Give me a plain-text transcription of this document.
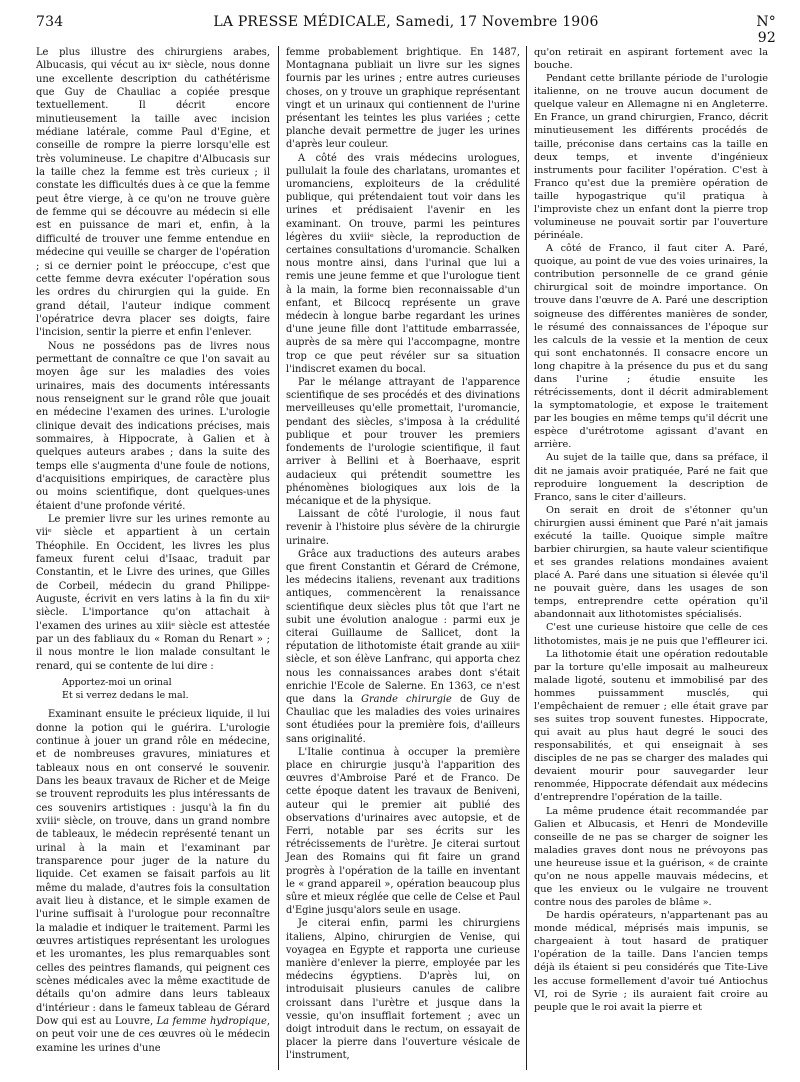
734	LA PRESSE MÉDICALE, Samedi, 17 Novembre 1906	N° 92

Le plus illustre des chirurgiens arabes, Albucasis, qui vécut au ixᵉ siècle, nous donne une excellente description du cathétérisme que Guy de Chauliac a copiée presque textuellement. Il décrit encore minutieusement la taille avec incision médiane latérale, comme Paul d'Egine, et conseille de rompre la pierre lorsqu'elle est très volumineuse. Le chapitre d'Albucasis sur la taille chez la femme est très curieux ; il constate les difficultés dues à ce que la femme peut être vierge, à ce qu'on ne trouve guère de femme qui se découvre au médecin si elle est en puissance de mari et, enfin, à la difficulté de trouver une femme entendue en médecine qui veuille se charger de l'opération ; si ce dernier point le préoccupe, c'est que cette femme devra exécuter l'opération sous les ordres du chirurgien qui la guide. En grand détail, l'auteur indique comment l'opératrice devra placer ses doigts, faire l'incision, sentir la pierre et enfin l'enlever.

Nous ne possédons pas de livres nous permettant de connaître ce que l'on savait au moyen âge sur les maladies des voies urinaires, mais des documents intéressants nous renseignent sur le grand rôle que jouait en médecine l'examen des urines. L'urologie clinique devait des indications précises, mais sommaires, à Hippocrate, à Galien et à quelques auteurs arabes ; dans la suite des temps elle s'augmenta d'une foule de notions, d'acquisitions empiriques, de caractère plus ou moins scientifique, dont quelques-unes étaient d'une profonde vérité.

Le premier livre sur les urines remonte au viiᵉ siècle et appartient à un certain Théophile. En Occident, les livres les plus fameux furent celui d'Isaac, traduit par Constantin, et le Livre des urines, que Gilles de Corbeil, médecin du grand Philippe-Auguste, écrivit en vers latins à la fin du xiiᵉ siècle. L'importance qu'on attachait à l'examen des urines au xiiiᵉ siècle est attestée par un des fabliaux du « Roman du Renart » ; il nous montre le lion malade consultant le renard, qui se contente de lui dire :

Apportez-moi un orinal
Et si verrez dedans le mal.

Examinant ensuite le précieux liquide, il lui donne la potion qui le guérira. L'urologie continue à jouer un grand rôle en médecine, et de nombreuses gravures, miniatures et tableaux nous en ont conservé le souvenir. Dans les beaux travaux de Richer et de Meige se trouvent reproduits les plus intéressants de ces souvenirs artistiques : jusqu'à la fin du xviiiᵉ siècle, on trouve, dans un grand nombre de tableaux, le médecin représenté tenant un urinal à la main et l'examinant par transparence pour juger de la nature du liquide. Cet examen se faisait parfois au lit même du malade, d'autres fois la consultation avait lieu à distance, et le simple examen de l'urine suffisait à l'urologue pour reconnaître la maladie et indiquer le traitement. Parmi les œuvres artistiques représentant les urologues et les uromantes, les plus remarquables sont celles des peintres flamands, qui peignent ces scènes médicales avec la même exactitude de détails qu'on admire dans leurs tableaux d'intérieur : dans le fameux tableau de Gérard Dow qui est au Louvre, La femme hydropique, on peut voir une de ces œuvres où le médecin examine les urines d'une

femme probablement brightique. En 1487, Montagnana publiait un livre sur les signes fournis par les urines ; entre autres curieuses choses, on y trouve un graphique représentant vingt et un urinaux qui contiennent de l'urine présentant les teintes les plus variées ; cette planche devait permettre de juger les urines d'après leur couleur.

A côté des vrais médecins urologues, pullulait la foule des charlatans, uromantes et uromanciens, exploiteurs de la crédulité publique, qui prétendaient tout voir dans les urines et prédisaient l'avenir en les examinant. On trouve, parmi les peintures légères du xviiiᵉ siècle, la reproduction de certaines consultations d'uromancie. Schalken nous montre ainsi, dans l'urinal que lui a remis une jeune femme et que l'urologue tient à la main, la forme bien reconnaissable d'un enfant, et Bilcocq représente un grave médecin à longue barbe regardant les urines d'une jeune fille dont l'attitude embarrassée, auprès de sa mère qui l'accompagne, montre trop ce que peut révéler sur sa situation l'indiscret examen du bocal.

Par le mélange attrayant de l'apparence scientifique de ses procédés et des divinations merveilleuses qu'elle promettait, l'uromancie, pendant des siècles, s'imposa à la crédulité publique et pour trouver les premiers fondements de l'urologie scientifique, il faut arriver à Bellini et à Boerhaave, esprit audacieux qui prétendit soumettre les phénomènes biologiques aux lois de la mécanique et de la physique.

Laissant de côté l'urologie, il nous faut revenir à l'histoire plus sévère de la chirurgie urinaire.

Grâce aux traductions des auteurs arabes que firent Constantin et Gérard de Crémone, les médecins italiens, revenant aux traditions antiques, commencèrent la renaissance scientifique deux siècles plus tôt que l'art ne subit une évolution analogue : parmi eux je citerai Guillaume de Sallicet, dont la réputation de lithotomiste était grande au xiiiᵉ siècle, et son élève Lanfranc, qui apporta chez nous les connaissances arabes dont s'était enrichie l'Ecole de Salerne. En 1363, ce n'est que dans la Grande chirurgie de Guy de Chauliac que les maladies des voies urinaires sont étudiées pour la première fois, d'ailleurs sans originalité.

L'Italie continua à occuper la première place en chirurgie jusqu'à l'apparition des œuvres d'Ambroise Paré et de Franco. De cette époque datent les travaux de Beniveni, auteur qui le premier ait publié des observations d'urinaires avec autopsie, et de Ferri, notable par ses écrits sur les rétrécissements de l'urètre. Je citerai surtout Jean des Romains qui fit faire un grand progrès à l'opération de la taille en inventant le « grand appareil », opération beaucoup plus sûre et mieux réglée que celle de Celse et Paul d'Egine jusqu'alors seule en usage.

Je citerai enfin, parmi les chirurgiens italiens, Alpino, chirurgien de Venise, qui voyagea en Egypte et rapporta une curieuse manière d'enlever la pierre, employée par les médecins égyptiens. D'après lui, on introduisait plusieurs canules de calibre croissant dans l'urètre et jusque dans la vessie, qu'on insufflait fortement ; avec un doigt introduit dans le rectum, on essayait de placer la pierre dans l'ouverture vésicale de l'instrument,

qu'on retirait en aspirant fortement avec la bouche.

Pendant cette brillante période de l'urologie italienne, on ne trouve aucun document de quelque valeur en Allemagne ni en Angleterre. En France, un grand chirurgien, Franco, décrit minutieusement les différents procédés de taille, préconise dans certains cas la taille en deux temps, et invente d'ingénieux instruments pour faciliter l'opération. C'est à Franco qu'est due la première opération de taille hypogastrique qu'il pratiqua à l'improviste chez un enfant dont la pierre trop volumineuse ne pouvait sortir par l'ouverture périnéale.

A côté de Franco, il faut citer A. Paré, quoique, au point de vue des voies urinaires, la contribution personnelle de ce grand génie chirurgical soit de moindre importance. On trouve dans l'œuvre de A. Paré une description soigneuse des différentes manières de sonder, le résumé des connaissances de l'époque sur les calculs de la vessie et la mention de ceux qui sont enchatonnés. Il consacre encore un long chapitre à la présence du pus et du sang dans l'urine ; étudie ensuite les rétrécissements, dont il décrit admirablement la symptomatologie, et expose le traitement par les bougies en même temps qu'il décrit une espèce d'urétrotome agissant d'avant en arrière.

Au sujet de la taille que, dans sa préface, il dit ne jamais avoir pratiquée, Paré ne fait que reproduire longuement la description de Franco, sans le citer d'ailleurs.

On serait en droit de s'étonner qu'un chirurgien aussi éminent que Paré n'ait jamais exécuté la taille. Quoique simple maître barbier chirurgien, sa haute valeur scientifique et ses grandes relations mondaines avaient placé A. Paré dans une situation si élevée qu'il ne pouvait guère, dans les usages de son temps, entreprendre cette opération qu'il abandonnait aux lithotomistes spécialisés.

C'est une curieuse histoire que celle de ces lithotomistes, mais je ne puis que l'effleurer ici.

La lithotomie était une opération redoutable par la torture qu'elle imposait au malheureux malade ligoté, soutenu et immobilisé par des hommes puissamment musclés, qui l'empêchaient de remuer ; elle était grave par ses suites trop souvent funestes. Hippocrate, qui avait au plus haut degré le souci des responsabilités, et qui enseignait à ses disciples de ne pas se charger des malades qui devaient mourir pour sauvegarder leur renommée, Hippocrate défendait aux médecins d'entreprendre l'opération de la taille.

La même prudence était recommandée par Galien et Albucasis, et Henri de Mondeville conseille de ne pas se charger de soigner les maladies graves dont nous ne prévoyons pas une heureuse issue et la guérison, « de crainte qu'on ne nous appelle mauvais médecins, et que les envieux ou le vulgaire ne trouvent contre nous des paroles de blâme ».

De hardis opérateurs, n'appartenant pas au monde médical, méprisés mais impunis, se chargeaient à tout hasard de pratiquer l'opération de la taille. Dans l'ancien temps déjà ils étaient si peu considérés que Tite-Live les accuse formellement d'avoir tué Antiochus VI, roi de Syrie ; ils auraient fait croire au peuple que le roi avait la pierre et
